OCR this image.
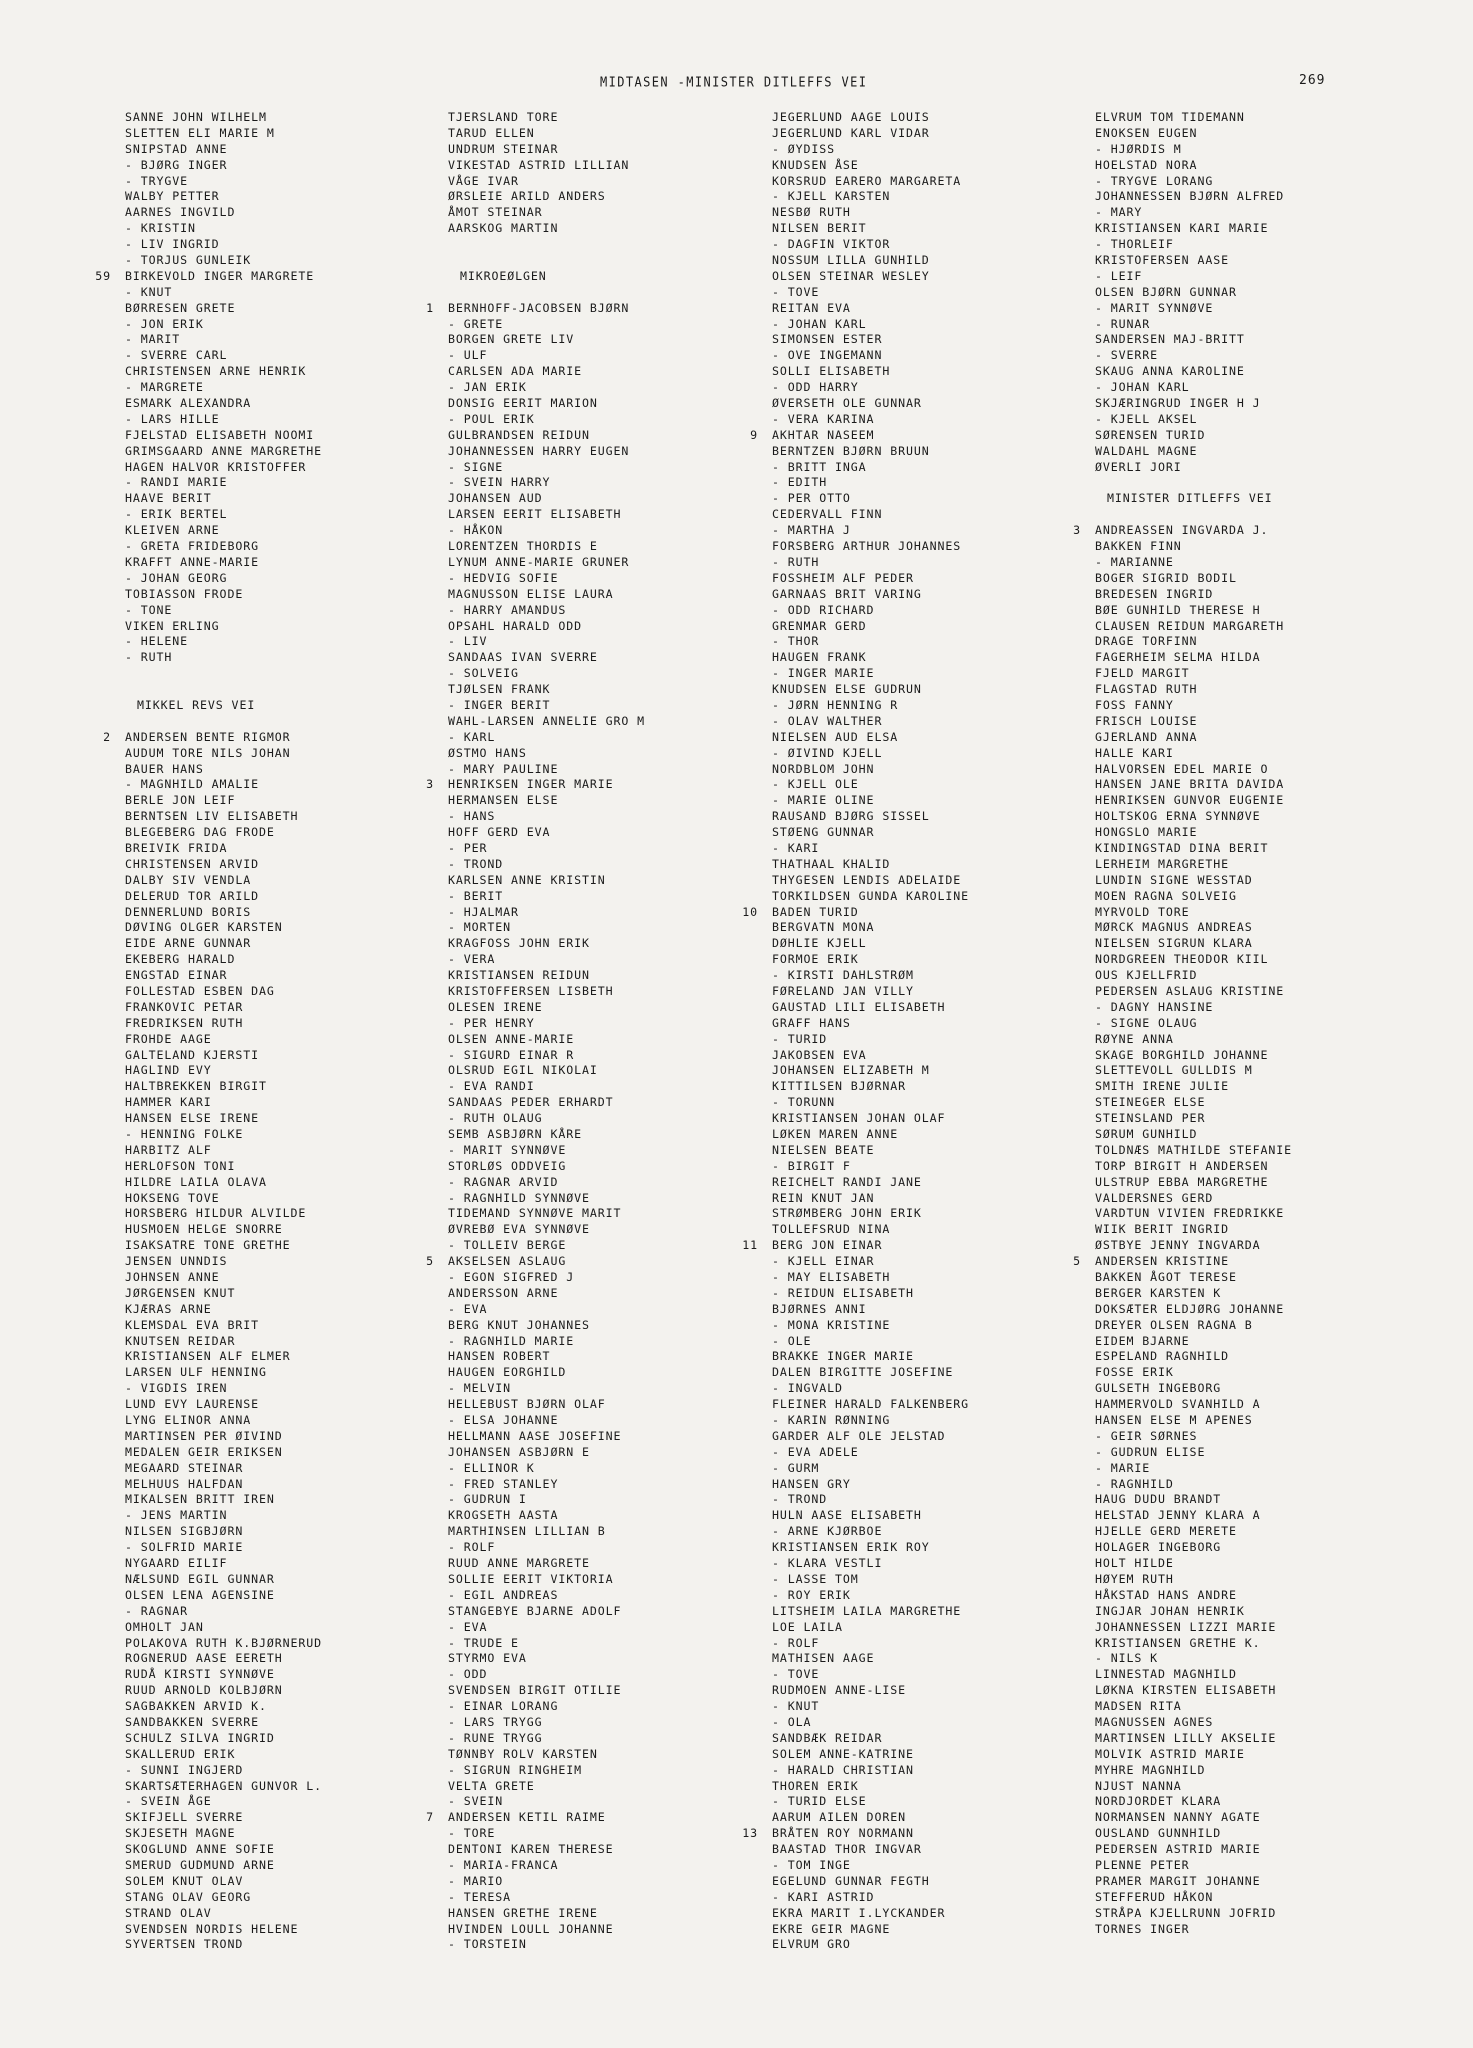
MIDTASEN -MINISTER DITLEFFS VEI	269
SANNE JOHN WILHELM
SLETTEN ELI MARIE M
SNIPSTAD ANNE
- BJØRG INGER
- TRYGVE
WALBY PETTER
AARNES INGVILD
- KRISTIN
- LIV INGRID
- TORJUS GUNLEIK
59 BIRKEVOLD INGER MARGRETE
- KNUT
BØRRESEN GRETE
- JON ERIK
- MARIT
- SVERRE CARL
CHRISTENSEN ARNE HENRIK
- MARGRETE
ESMARK ALEXANDRA
- LARS HILLE
FJELSTAD ELISABETH NOOMI
GRIMSGAARD ANNE MARGRETHE
HAGEN HALVOR KRISTOFFER
- RANDI MARIE
HAAVE BERIT
- ERIK BERTEL
KLEIVEN ARNE
- GRETA FRIDEBORG
KRAFFT ANNE-MARIE
- JOHAN GEORG
TOBIASSON FRODE
- TONE
VIKEN ERLING
- HELENE
- RUTH
MIKKEL REVS VEI
2 ANDERSEN BENTE RIGMOR
AUDUM TORE NILS JOHAN
BAUER HANS
- MAGNHILD AMALIE
BERLE JON LEIF
BERNTSEN LIV ELISABETH
BLEGEBERG DAG FRODE
BREIVIK FRIDA
CHRISTENSEN ARVID
DALBY SIV VENDLA
DELERUD TOR ARILD
DENNERLUND BORIS
DØVING OLGER KARSTEN
EIDE ARNE GUNNAR
EKEBERG HARALD
ENGSTAD EINAR
FOLLESTAD ESBEN DAG
FRANKOVIC PETAR
FREDRIKSEN RUTH
FROHDE AAGE
GALTELAND KJERSTI
HAGLIND EVY
HALTBREKKEN BIRGIT
HAMMER KARI
HANSEN ELSE IRENE
- HENNING FOLKE
HARBITZ ALF
HERLOFSON TONI
HILDRE LAILA OLAVA
HOKSENG TOVE
HORSBERG HILDUR ALVILDE
HUSMOEN HELGE SNORRE
ISAKSATRE TONE GRETHE
JENSEN UNNDIS
JOHNSEN ANNE
JØRGENSEN KNUT
KJÆRAS ARNE
KLEMSDAL EVA BRIT
KNUTSEN REIDAR
KRISTIANSEN ALF ELMER
LARSEN ULF HENNING
- VIGDIS IREN
LUND EVY LAURENSE
LYNG ELINOR ANNA
MARTINSEN PER ØIVIND
MEDALEN GEIR ERIKSEN
MEGAARD STEINAR
MELHUUS HALFDAN
MIKALSEN BRITT IREN
- JENS MARTIN
NILSEN SIGBJØRN
- SOLFRID MARIE
NYGAARD EILIF
NÆLSUND EGIL GUNNAR
OLSEN LENA AGENSINE
- RAGNAR
OMHOLT JAN
POLAKOVA RUTH K.BJØRNERUD
ROGNERUD AASE EERETH
RUDÅ KIRSTI SYNNØVE
RUUD ARNOLD KOLBJØRN
SAGBAKKEN ARVID K.
SANDBAKKEN SVERRE
SCHULZ SILVA INGRID
SKALLERUD ERIK
- SUNNI INGJERD
SKARTSÆTERHAGEN GUNVOR L.
- SVEIN ÅGE
SKIFJELL SVERRE
SKJESETH MAGNE
SKOGLUND ANNE SOFIE
SMERUD GUDMUND ARNE
SOLEM KNUT OLAV
STANG OLAV GEORG
STRAND OLAV
SVENDSEN NORDIS HELENE
SYVERTSEN TROND
TJERSLAND TORE
TARUD ELLEN
UNDRUM STEINAR
VIKESTAD ASTRID LILLIAN
VÅGE IVAR
ØRSLEIE ARILD ANDERS
ÅMOT STEINAR
AARSKOG MARTIN
MIKROEØLGEN
1 BERNHOFF-JACOBSEN BJØRN
- GRETE
BORGEN GRETE LIV
- ULF
CARLSEN ADA MARIE
- JAN ERIK
DONSIG EERIT MARION
- POUL ERIK
GULBRANDSEN REIDUN
JOHANNESSEN HARRY EUGEN
- SIGNE
- SVEIN HARRY
JOHANSEN AUD
LARSEN EERIT ELISABETH
- HÅKON
LORENTZEN THORDIS E
LYNUM ANNE-MARIE GRUNER
- HEDVIG SOFIE
MAGNUSSON ELISE LAURA
- HARRY AMANDUS
OPSAHL HARALD ODD
- LIV
SANDAAS IVAN SVERRE
- SOLVEIG
TJØLSEN FRANK
- INGER BERIT
WAHL-LARSEN ANNELIE GRO M
- KARL
ØSTMO HANS
- MARY PAULINE
3 HENRIKSEN INGER MARIE
HERMANSEN ELSE
- HANS
HOFF GERD EVA
- PER
- TROND
KARLSEN ANNE KRISTIN
- BERIT
- HJALMAR
- MORTEN
KRAGFOSS JOHN ERIK
- VERA
KRISTIANSEN REIDUN
KRISTOFFERSEN LISBETH
OLESEN IRENE
- PER HENRY
OLSEN ANNE-MARIE
- SIGURD EINAR R
OLSRUD EGIL NIKOLAI
- EVA RANDI
SANDAAS PEDER ERHARDT
- RUTH OLAUG
SEMB ASBJØRN KÅRE
- MARIT SYNNØVE
STORLØS ODDVEIG
- RAGNAR ARVID
- RAGNHILD SYNNØVE
TIDEMAND SYNNØVE MARIT
ØVREBØ EVA SYNNØVE
- TOLLEIV BERGE
5 AKSELSEN ASLAUG
- EGON SIGFRED J
ANDERSSON ARNE
- EVA
BERG KNUT JOHANNES
- RAGNHILD MARIE
HANSEN ROBERT
HAUGEN EORGHILD
- MELVIN
HELLEBUST BJØRN OLAF
- ELSA JOHANNE
HELLMANN AASE JOSEFINE
JOHANSEN ASBJØRN E
- ELLINOR K
- FRED STANLEY
- GUDRUN I
KROGSETH AASTA
MARTHINSEN LILLIAN B
- ROLF
RUUD ANNE MARGRETE
SOLLIE EERIT VIKTORIA
- EGIL ANDREAS
STANGEBYE BJARNE ADOLF
- EVA
- TRUDE E
STYRMO EVA
- ODD
SVENDSEN BIRGIT OTILIE
- EINAR LORANG
- LARS TRYGG
- RUNE TRYGG
TØNNBY ROLV KARSTEN
- SIGRUN RINGHEIM
VELTA GRETE
- SVEIN
7 ANDERSEN KETIL RAIME
- TORE
DENTONI KAREN THERESE
- MARIA-FRANCA
- MARIO
- TERESA
HANSEN GRETHE IRENE
HVINDEN LOULL JOHANNE
- TORSTEIN
JEGERLUND AAGE LOUIS
JEGERLUND KARL VIDAR
- ØYDISS
KNUDSEN ÅSE
KORSRUD EARERO MARGARETA
- KJELL KARSTEN
NESBØ RUTH
NILSEN BERIT
- DAGFIN VIKTOR
NOSSUM LILLA GUNHILD
OLSEN STEINAR WESLEY
- TOVE
REITAN EVA
- JOHAN KARL
SIMONSEN ESTER
- OVE INGEMANN
SOLLI ELISABETH
- ODD HARRY
ØVERSETH OLE GUNNAR
- VERA KARINA
9 AKHTAR NASEEM
BERNTZEN BJØRN BRUUN
- BRITT INGA
- EDITH
- PER OTTO
CEDERVALL FINN
- MARTHA J
FORSBERG ARTHUR JOHANNES
- RUTH
FOSSHEIM ALF PEDER
GARNAAS BRIT VARING
- ODD RICHARD
GRENMAR GERD
- THOR
HAUGEN FRANK
- INGER MARIE
KNUDSEN ELSE GUDRUN
- JØRN HENNING R
- OLAV WALTHER
NIELSEN AUD ELSA
- ØIVIND KJELL
NORDBLOM JOHN
- KJELL OLE
- MARIE OLINE
RAUSAND BJØRG SISSEL
STØENG GUNNAR
- KARI
THATHAAL KHALID
THYGESEN LENDIS ADELAIDE
TORKILDSEN GUNDA KAROLINE
10 BADEN TURID
BERGVATN MONA
DØHLIE KJELL
FORMOE ERIK
- KIRSTI DAHLSTRØM
FØRELAND JAN VILLY
GAUSTAD LILI ELISABETH
GRAFF HANS
- TURID
JAKOBSEN EVA
JOHANSEN ELIZABETH M
KITTILSEN BJØRNAR
- TORUNN
KRISTIANSEN JOHAN OLAF
LØKEN MAREN ANNE
NIELSEN BEATE
- BIRGIT F
REICHELT RANDI JANE
REIN KNUT JAN
STRØMBERG JOHN ERIK
TOLLEFSRUD NINA
11 BERG JON EINAR
- KJELL EINAR
- MAY ELISABETH
- REIDUN ELISABETH
BJØRNES ANNI
- MONA KRISTINE
- OLE
BRAKKE INGER MARIE
DALEN BIRGITTE JOSEFINE
- INGVALD
FLEINER HARALD FALKENBERG
- KARIN RØNNING
GARDER ALF OLE JELSTAD
- EVA ADELE
- GURM
HANSEN GRY
- TROND
HULN AASE ELISABETH
- ARNE KJØRBOE
KRISTIANSEN ERIK ROY
- KLARA VESTLI
- LASSE TOM
- ROY ERIK
LITSHEIM LAILA MARGRETHE
LOE LAILA
- ROLF
MATHISEN AAGE
- TOVE
RUDMOEN ANNE-LISE
- KNUT
- OLA
SANDBÆK REIDAR
SOLEM ANNE-KATRINE
- HARALD CHRISTIAN
THOREN ERIK
- TURID ELSE
AARUM AILEN DOREN
13 BRÅTEN ROY NORMANN
BAASTAD THOR INGVAR
- TOM INGE
EGELUND GUNNAR FEGTH
- KARI ASTRID
EKRA MARIT I.LYCKANDER
EKRE GEIR MAGNE
ELVRUM GRO
ELVRUM TOM TIDEMANN
ENOKSEN EUGEN
- HJØRDIS M
HOELSTAD NORA
- TRYGVE LORANG
JOHANNESSEN BJØRN ALFRED
- MARY
KRISTIANSEN KARI MARIE
- THORLEIF
KRISTOFERSEN AASE
- LEIF
OLSEN BJØRN GUNNAR
- MARIT SYNNØVE
- RUNAR
SANDERSEN MAJ-BRITT
- SVERRE
SKAUG ANNA KAROLINE
- JOHAN KARL
SKJÆRINGRUD INGER H J
- KJELL AKSEL
SØRENSEN TURID
WALDAHL MAGNE
ØVERLI JORI
MINISTER DITLEFFS VEI
3 ANDREASSEN INGVARDA J.
BAKKEN FINN
- MARIANNE
BOGER SIGRID BODIL
BREDESEN INGRID
BØE GUNHILD THERESE H
CLAUSEN REIDUN MARGARETH
DRAGE TORFINN
FAGERHEIM SELMA HILDA
FJELD MARGIT
FLAGSTAD RUTH
FOSS FANNY
FRISCH LOUISE
GJERLAND ANNA
HALLE KARI
HALVORSEN EDEL MARIE O
HANSEN JANE BRITA DAVIDA
HENRIKSEN GUNVOR EUGENIE
HOLTSKOG ERNA SYNNØVE
HONGSLO MARIE
KINDINGSTAD DINA BERIT
LERHEIM MARGRETHE
LUNDIN SIGNE WESSTAD
MOEN RAGNA SOLVEIG
MYRVOLD TORE
MØRCK MAGNUS ANDREAS
NIELSEN SIGRUN KLARA
NORDGREEN THEODOR KIIL
OUS KJELLFRID
PEDERSEN ASLAUG KRISTINE
- DAGNY HANSINE
- SIGNE OLAUG
RØYNE ANNA
SKAGE BORGHILD JOHANNE
SLETTEVOLL GULLDIS M
SMITH IRENE JULIE
STEINEGER ELSE
STEINSLAND PER
SØRUM GUNHILD
TOLDNÆS MATHILDE STEFANIE
TORP BIRGIT H ANDERSEN
ULSTRUP EBBA MARGRETHE
VALDERSNES GERD
VARDTUN VIVIEN FREDRIKKE
WIIK BERIT INGRID
ØSTBYE JENNY INGVARDA
5 ANDERSEN KRISTINE
BAKKEN ÅGOT TERESE
BERGER KARSTEN K
DOKSÆTER ELDJØRG JOHANNE
DREYER OLSEN RAGNA B
EIDEM BJARNE
ESPELAND RAGNHILD
FOSSE ERIK
GULSETH INGEBORG
HAMMERVOLD SVANHILD A
HANSEN ELSE M APENES
- GEIR SØRNES
- GUDRUN ELISE
- MARIE
- RAGNHILD
HAUG DUDU BRANDT
HELSTAD JENNY KLARA A
HJELLE GERD MERETE
HOLAGER INGEBORG
HOLT HILDE
HØYEM RUTH
HÅKSTAD HANS ANDRE
INGJAR JOHAN HENRIK
JOHANNESSEN LIZZI MARIE
KRISTIANSEN GRETHE K.
- NILS K
LINNESTAD MAGNHILD
LØKNA KIRSTEN ELISABETH
MADSEN RITA
MAGNUSSEN AGNES
MARTINSEN LILLY AKSELIE
MOLVIK ASTRID MARIE
MYHRE MAGNHILD
NJUST NANNA
NORDJORDET KLARA
NORMANSEN NANNY AGATE
OUSLAND GUNNHILD
PEDERSEN ASTRID MARIE
PLENNE PETER
PRAMER MARGIT JOHANNE
STEFFERUD HÅKON
STRÅPA KJELLRUNN JOFRID
TORNES INGER
